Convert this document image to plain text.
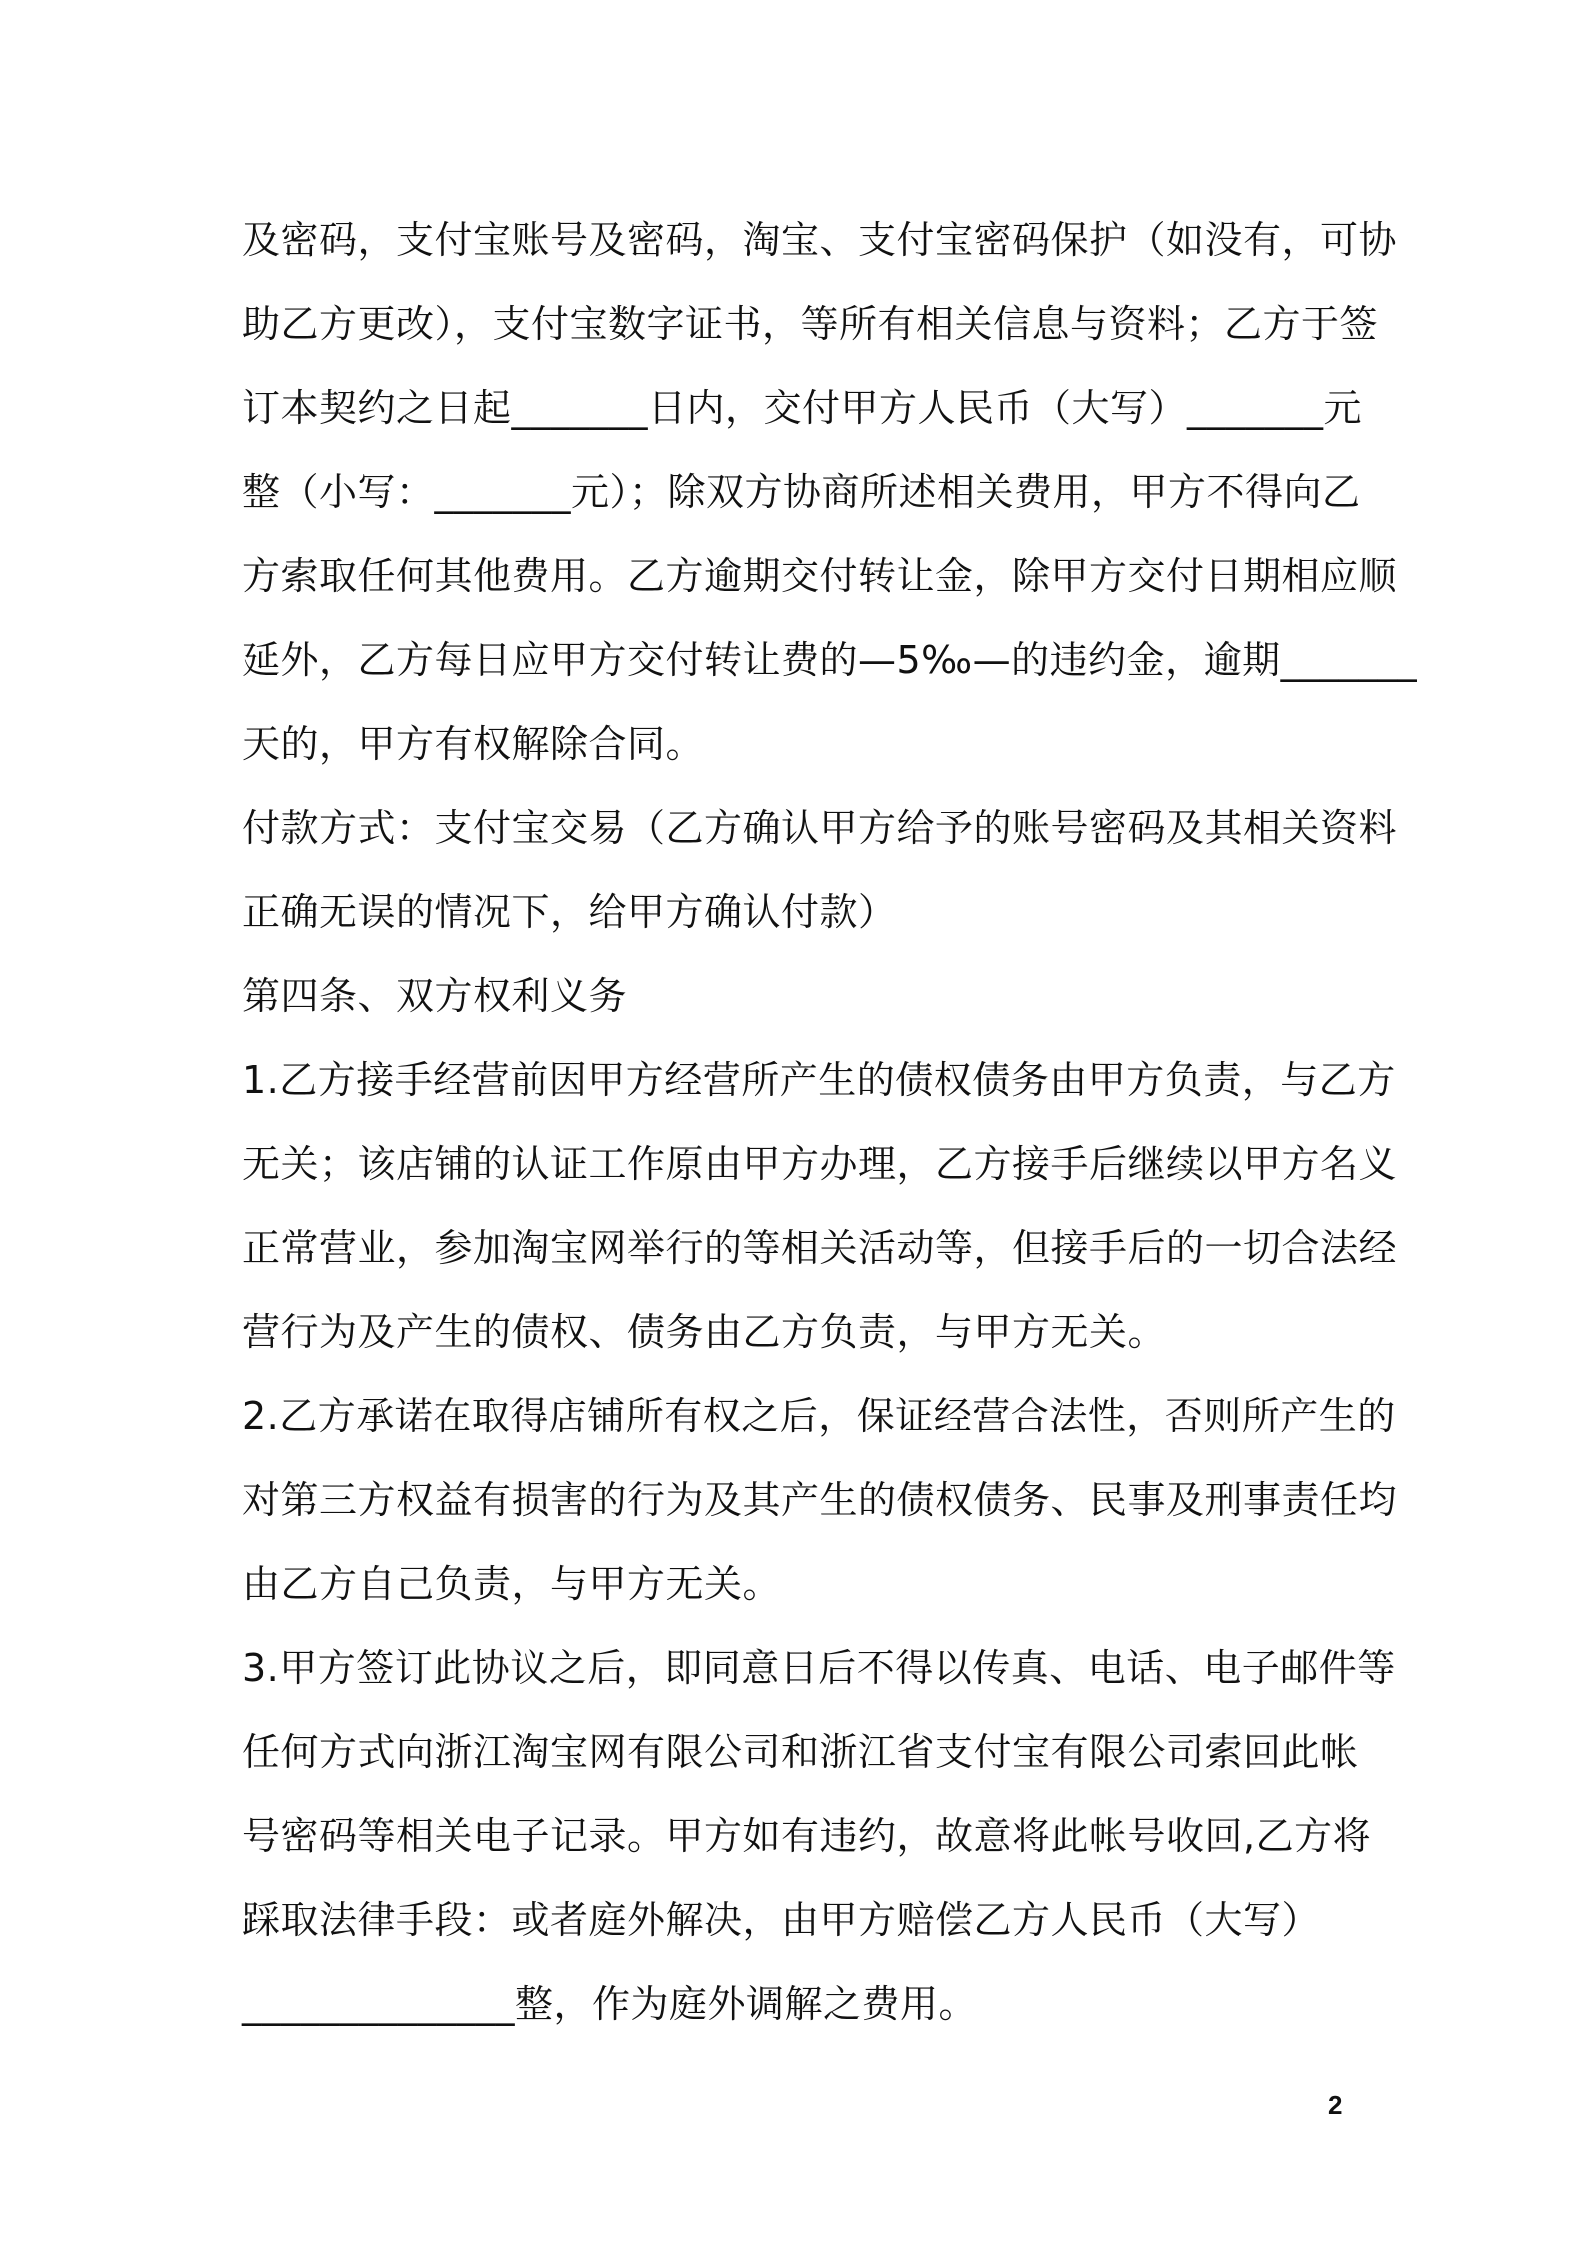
及密码，支付宝账号及密码，淘宝、支付宝密码保护（如没有，可协
助乙方更改），支付宝数字证书，等所有相关信息与资料；乙方于签
订本契约之日起_______日内，交付甲方人民币（大写）_______元
整（小写：_______元）；除双方协商所述相关费用，甲方不得向乙
方索取任何其他费用。乙方逾期交付转让金，除甲方交付日期相应顺
延外，乙方每日应甲方交付转让费的—5‰—的违约金，逾期_______
天的，甲方有权解除合同。
付款方式：支付宝交易（乙方确认甲方给予的账号密码及其相关资料
正确无误的情况下，给甲方确认付款）
第四条、双方权利义务
1.乙方接手经营前因甲方经营所产生的债权债务由甲方负责，与乙方
无关；该店铺的认证工作原由甲方办理，乙方接手后继续以甲方名义
正常营业，参加淘宝网举行的等相关活动等，但接手后的一切合法经
营行为及产生的债权、债务由乙方负责，与甲方无关。
2.乙方承诺在取得店铺所有权之后，保证经营合法性，否则所产生的
对第三方权益有损害的行为及其产生的债权债务、民事及刑事责任均
由乙方自己负责，与甲方无关。
3.甲方签订此协议之后，即同意日后不得以传真、电话、电子邮件等
任何方式向浙江淘宝网有限公司和浙江省支付宝有限公司索回此帐
号密码等相关电子记录。甲方如有违约，故意将此帐号收回,乙方将
踩取法律手段：或者庭外解决，由甲方赔偿乙方人民币（大写）
______________整，作为庭外调解之费用。
2
